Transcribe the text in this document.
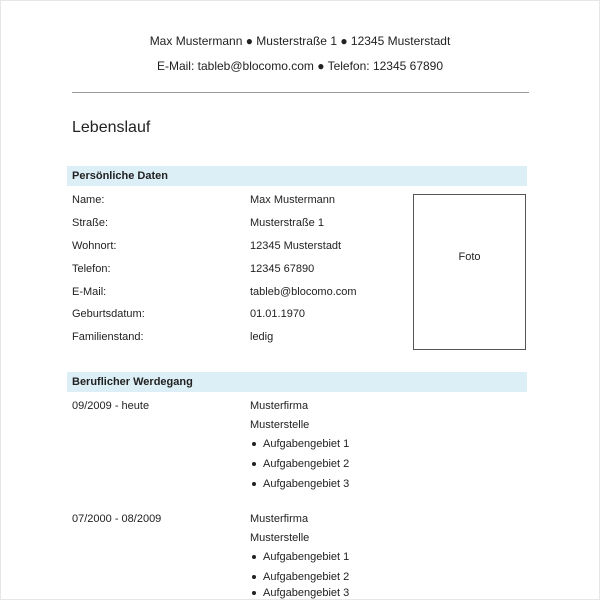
Max Mustermann ● Musterstraße 1 ● 12345 Musterstadt
E-Mail: tableb@blocomo.com ● Telefon: 12345 67890
Lebenslauf
Persönliche Daten
Name:	Max Mustermann
Straße:	Musterstraße 1
Wohnort:	12345 Musterstadt
Telefon:	12345 67890
E-Mail:	tableb@blocomo.com
Geburtsdatum:	01.01.1970
Familienstand:	ledig
Foto
Beruflicher Werdegang
09/2009 - heute	Musterfirma
Musterstelle
Aufgabengebiet 1
Aufgabengebiet 2
Aufgabengebiet 3
07/2000 - 08/2009	Musterfirma
Musterstelle
Aufgabengebiet 1
Aufgabengebiet 2
Aufgabengebiet 3
